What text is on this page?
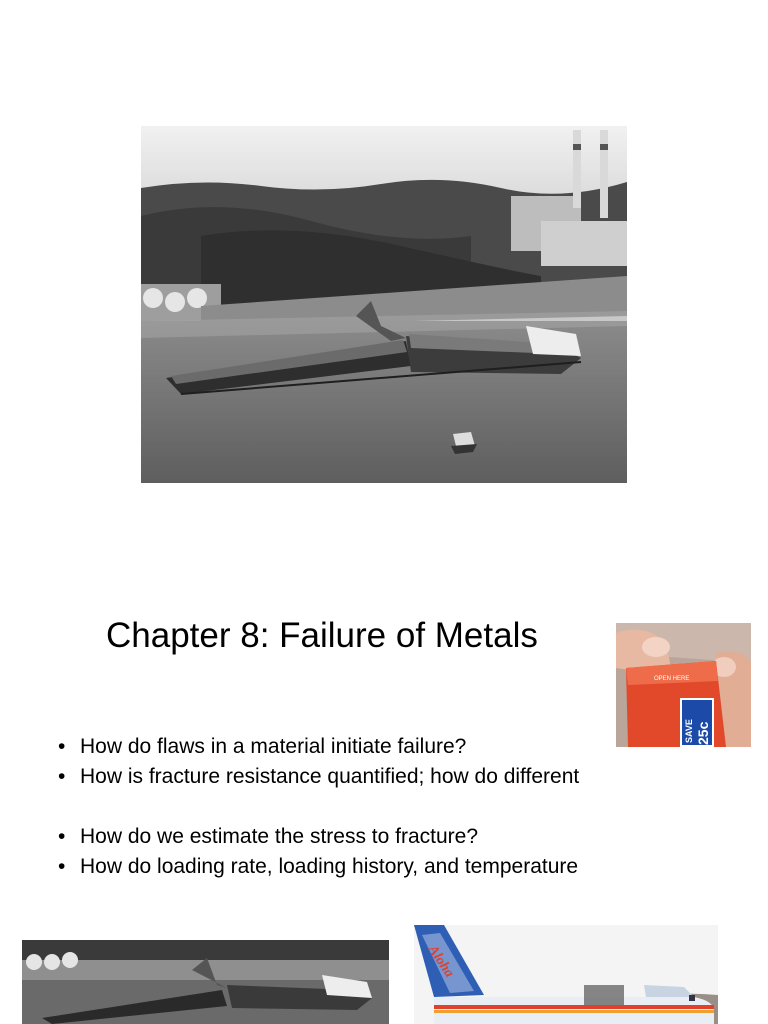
Chapter 8: Failure of Metals
OPEN HERE
SAVE 25c
• How do flaws in a material initiate failure?
• How is fracture resistance quantified; how do different
• How do we estimate the stress to fracture?
• How do loading rate, loading history, and temperature
Aloha
